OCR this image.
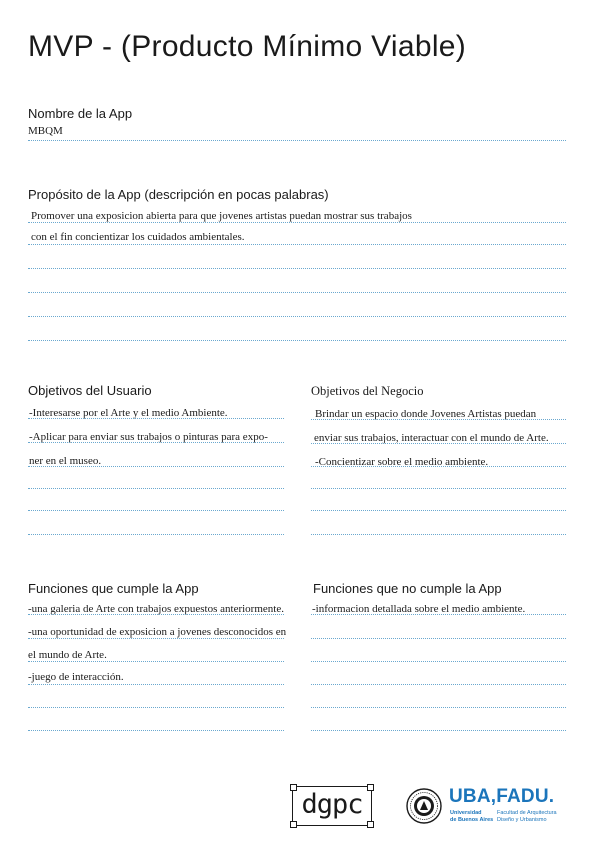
MVP - (Producto Mínimo Viable)
Nombre de la App
MBQM
Propósito de la App (descripción en pocas palabras)
Promover una exposicion abierta para que jovenes artistas puedan mostrar sus trabajos
con el fin concientizar los cuidados ambientales.
Objetivos del Usuario
-Interesarse por el Arte y el medio Ambiente.
-Aplicar para enviar sus trabajos o pinturas para expo-
ner en el museo.
Objetivos del Negocio
Brindar un espacio donde Jovenes Artistas puedan
enviar sus trabajos, interactuar con el mundo de Arte.
-Concientizar sobre el medio ambiente.
Funciones que cumple la App
-una galeria de Arte con trabajos expuestos anteriormente.
-una oportunidad de exposicion a jovenes desconocidos en
el mundo de Arte.
-juego de interacción.
Funciones que no cumple la App
-informacion detallada sobre el medio ambiente.
dgpc	UBA,FADU.
Universidad
de Buenos Aires
Facultad de Arquitectura
Diseño y Urbanismo
